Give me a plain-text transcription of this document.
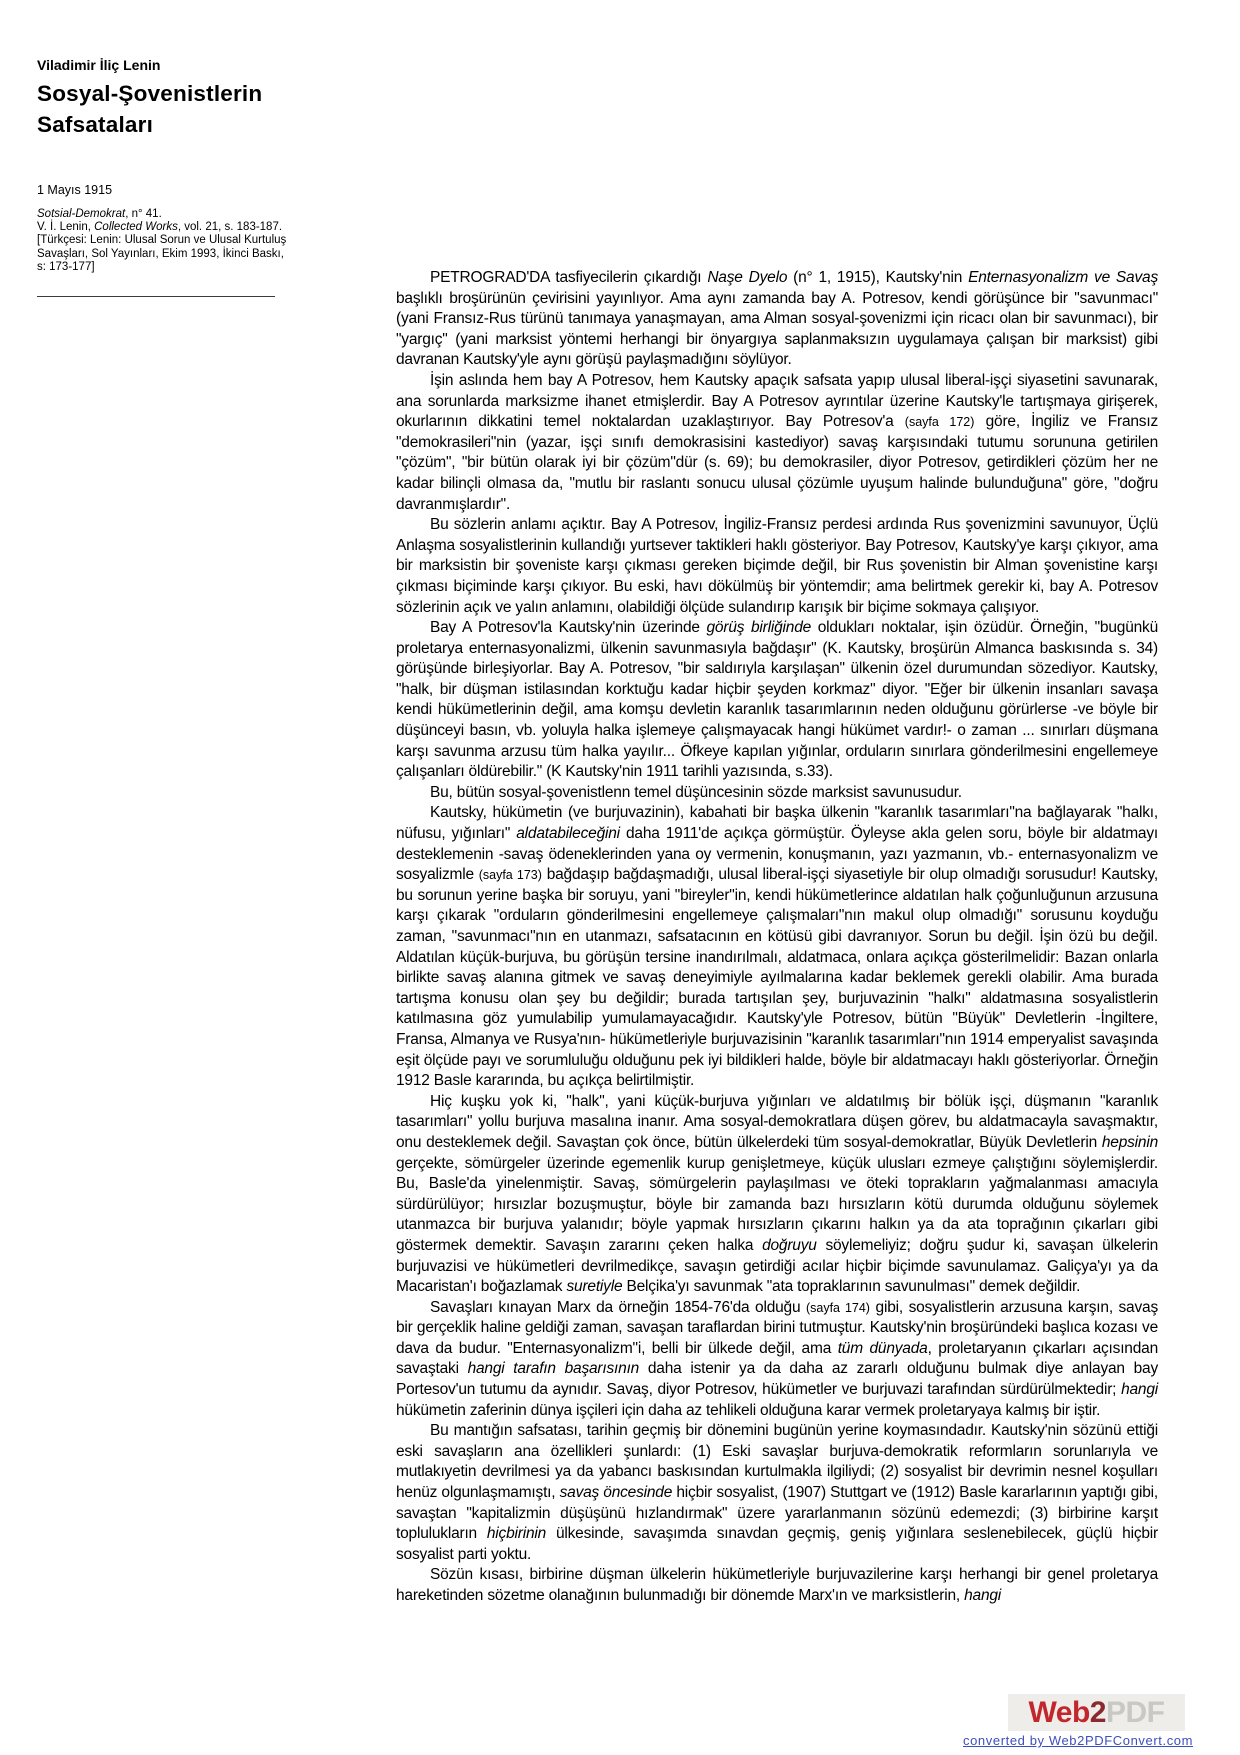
Viladimir İliç Lenin
Sosyal-Şovenistlerin Safsataları
1 Mayıs 1915

Sotsial-Demokrat, n° 41.

V. İ. Lenin, Collected Works, vol. 21, s. 183-187.

[Türkçesi: Lenin: Ulusal Sorun ve Ulusal Kurtuluş Savaşları, Sol Yayınları, Ekim 1993, İkinci Baskı, s: 173-177]

PETROGRAD'DA tasfiyecilerin çıkardığı Naşe Dyelo (n° 1, 1915), Kautsky'nin Enternasyonalizm ve Savaş başlıklı broşürünün çevirisini yayınlıyor. Ama aynı zamanda bay A. Potresov, kendi görüşünce bir "savunmacı" (yani Fransız-Rus türünü tanımaya yanaşmayan, ama Alman sosyal-şovenizmi için ricacı olan bir savunmacı), bir "yargıç" (yani marksist yöntemi herhangi bir önyargıya saplanmaksızın uygulamaya çalışan bir marksist) gibi davranan Kautsky'yle aynı görüşü paylaşmadığını söylüyor.

İşin aslında hem bay A Potresov, hem Kautsky apaçık safsata yapıp ulusal liberal-işçi siyasetini savunarak, ana sorunlarda marksizme ihanet etmişlerdir. Bay A Potresov ayrıntılar üzerine Kautsky'le tartışmaya girişerek, okurlarının dikkatini temel noktalardan uzaklaştırıyor. Bay Potresov'a (sayfa 172) göre, İngiliz ve Fransız "demokrasileri"nin (yazar, işçi sınıfı demokrasisini kastediyor) savaş karşısındaki tutumu sorununa getirilen "çözüm", "bir bütün olarak iyi bir çözüm"dür (s. 69); bu demokrasiler, diyor Potresov, getirdikleri çözüm her ne kadar bilinçli olmasa da, "mutlu bir raslantı sonucu ulusal çözümle uyuşum halinde bulunduğuna" göre, "doğru davranmışlardır".

Bu sözlerin anlamı açıktır. Bay A Potresov, İngiliz-Fransız perdesi ardında Rus şovenizmini savunuyor, Üçlü Anlaşma sosyalistlerinin kullandığı yurtsever taktikleri haklı gösteriyor. Bay Potresov, Kautsky'ye karşı çıkıyor, ama bir marksistin bir şoveniste karşı çıkması gereken biçimde değil, bir Rus şovenistin bir Alman şovenistine karşı çıkması biçiminde karşı çıkıyor. Bu eski, havı dökülmüş bir yöntemdir; ama belirtmek gerekir ki, bay A. Potresov sözlerinin açık ve yalın anlamını, olabildiği ölçüde sulandırıp karışık bir biçime sokmaya çalışıyor.

Bay A Potresov'la Kautsky'nin üzerinde görüş birliğinde oldukları noktalar, işin özüdür. Örneğin, "bugünkü proletarya enternasyonalizmi, ülkenin savunmasıyla bağdaşır" (K. Kautsky, broşürün Almanca baskısında s. 34) görüşünde birleşiyorlar. Bay A. Potresov, "bir saldırıyla karşılaşan" ülkenin özel durumundan sözediyor. Kautsky, "halk, bir düşman istilasından korktuğu kadar hiçbir şeyden korkmaz" diyor. "Eğer bir ülkenin insanları savaşa kendi hükümetlerinin değil, ama komşu devletin karanlık tasarımlarının neden olduğunu görürlerse -ve böyle bir düşünceyi basın, vb. yoluyla halka işlemeye çalışmayacak hangi hükümet vardır!- o zaman ... sınırları düşmana karşı savunma arzusu tüm halka yayılır... Öfkeye kapılan yığınlar, orduların sınırlara gönderilmesini engellemeye çalışanları öldürebilir." (K Kautsky'nin 1911 tarihli yazısında, s.33).

Bu, bütün sosyal-şovenistlenn temel düşüncesinin sözde marksist savunusudur.

Kautsky, hükümetin (ve burjuvazinin), kabahati bir başka ülkenin "karanlık tasarımları"na bağlayarak "halkı, nüfusu, yığınları" aldatabileceğini daha 1911'de açıkça görmüştür. Öyleyse akla gelen soru, böyle bir aldatmayı desteklemenin -savaş ödeneklerinden yana oy vermenin, konuşmanın, yazı yazmanın, vb.- enternasyonalizm ve sosyalizmle (sayfa 173) bağdaşıp bağdaşmadığı, ulusal liberal-işçi siyasetiyle bir olup olmadığı sorusudur! Kautsky, bu sorunun yerine başka bir soruyu, yani "bireyler"in, kendi hükümetlerince aldatılan halk çoğunluğunun arzusuna karşı çıkarak "orduların gönderilmesini engellemeye çalışmaları"nın makul olup olmadığı" sorusunu koyduğu zaman, "savunmacı"nın en utanmazı, safsatacının en kötüsü gibi davranıyor. Sorun bu değil. İşin özü bu değil. Aldatılan küçük-burjuva, bu görüşün tersine inandırılmalı, aldatmaca, onlara açıkça gösterilmelidir: Bazan onlarla birlikte savaş alanına gitmek ve savaş deneyimiyle ayılmalarına kadar beklemek gerekli olabilir. Ama burada tartışma konusu olan şey bu değildir; burada tartışılan şey, burjuvazinin "halkı" aldatmasına sosyalistlerin katılmasına göz yumulabilip yumulamayacağıdır. Kautsky'yle Potresov, bütün "Büyük" Devletlerin -İngiltere, Fransa, Almanya ve Rusya'nın- hükümetleriyle burjuvazisinin "karanlık tasarımları"nın 1914 emperyalist savaşında eşit ölçüde payı ve sorumluluğu olduğunu pek iyi bildikleri halde, böyle bir aldatmacayı haklı gösteriyorlar. Örneğin 1912 Basle kararında, bu açıkça belirtilmiştir.

Hiç kuşku yok ki, "halk", yani küçük-burjuva yığınları ve aldatılmış bir bölük işçi, düşmanın "karanlık tasarımları" yollu burjuva masalına inanır. Ama sosyal-demokratlara düşen görev, bu aldatmacayla savaşmaktır, onu desteklemek değil. Savaştan çok önce, bütün ülkelerdeki tüm sosyal-demokratlar, Büyük Devletlerin hepsinin gerçekte, sömürgeler üzerinde egemenlik kurup genişletmeye, küçük ulusları ezmeye çalıştığını söylemişlerdir. Bu, Basle'da yinelenmiştir. Savaş, sömürgelerin paylaşılması ve öteki toprakların yağmalanması amacıyla sürdürülüyor; hırsızlar bozuşmuştur, böyle bir zamanda bazı hırsızların kötü durumda olduğunu söylemek utanmazca bir burjuva yalanıdır; böyle yapmak hırsızların çıkarını halkın ya da ata toprağının çıkarları gibi göstermek demektir. Savaşın zararını çeken halka doğruyu söylemeliyiz; doğru şudur ki, savaşan ülkelerin burjuvazisi ve hükümetleri devrilmedikçe, savaşın getirdiği acılar hiçbir biçimde savunulamaz. Galiçya'yı ya da Macaristan'ı boğazlamak suretiyle Belçika'yı savunmak "ata topraklarının savunulması" demek değildir.

Savaşları kınayan Marx da örneğin 1854-76'da olduğu (sayfa 174) gibi, sosyalistlerin arzusuna karşın, savaş bir gerçeklik haline geldiği zaman, savaşan taraflardan birini tutmuştur. Kautsky'nin broşüründeki başlıca kozası ve dava da budur. "Enternasyonalizm"i, belli bir ülkede değil, ama tüm dünyada, proletaryanın çıkarları açısından savaştaki hangi tarafın başarısının daha istenir ya da daha az zararlı olduğunu bulmak diye anlayan bay Portesov'un tutumu da aynıdır. Savaş, diyor Potresov, hükümetler ve burjuvazi tarafından sürdürülmektedir; hangi hükümetin zaferinin dünya işçileri için daha az tehlikeli olduğuna karar vermek proletaryaya kalmış bir iştir.

Bu mantığın safsatası, tarihin geçmiş bir dönemini bugünün yerine koymasındadır. Kautsky'nin sözünü ettiği eski savaşların ana özellikleri şunlardı: (1) Eski savaşlar burjuva-demokratik reformların sorunlarıyla ve mutlakıyetin devrilmesi ya da yabancı baskısından kurtulmakla ilgiliydi; (2) sosyalist bir devrimin nesnel koşulları henüz olgunlaşmamıştı, savaş öncesinde hiçbir sosyalist, (1907) Stuttgart ve (1912) Basle kararlarının yaptığı gibi, savaştan "kapitalizmin düşüşünü hızlandırmak" üzere yararlanmanın sözünü edemezdi; (3) birbirine karşıt toplulukların hiçbirinin ülkesinde, savaşımda sınavdan geçmiş, geniş yığınlara seslenebilecek, güçlü hiçbir sosyalist parti yoktu.

Sözün kısası, birbirine düşman ülkelerin hükümetleriyle burjuvazilerine karşı herhangi bir genel proletarya hareketinden sözetme olanağının bulunmadığı bir dönemde Marx'ın ve marksistlerin, hangi

Web 2 PDF
converted by Web2PDFConvert.com
